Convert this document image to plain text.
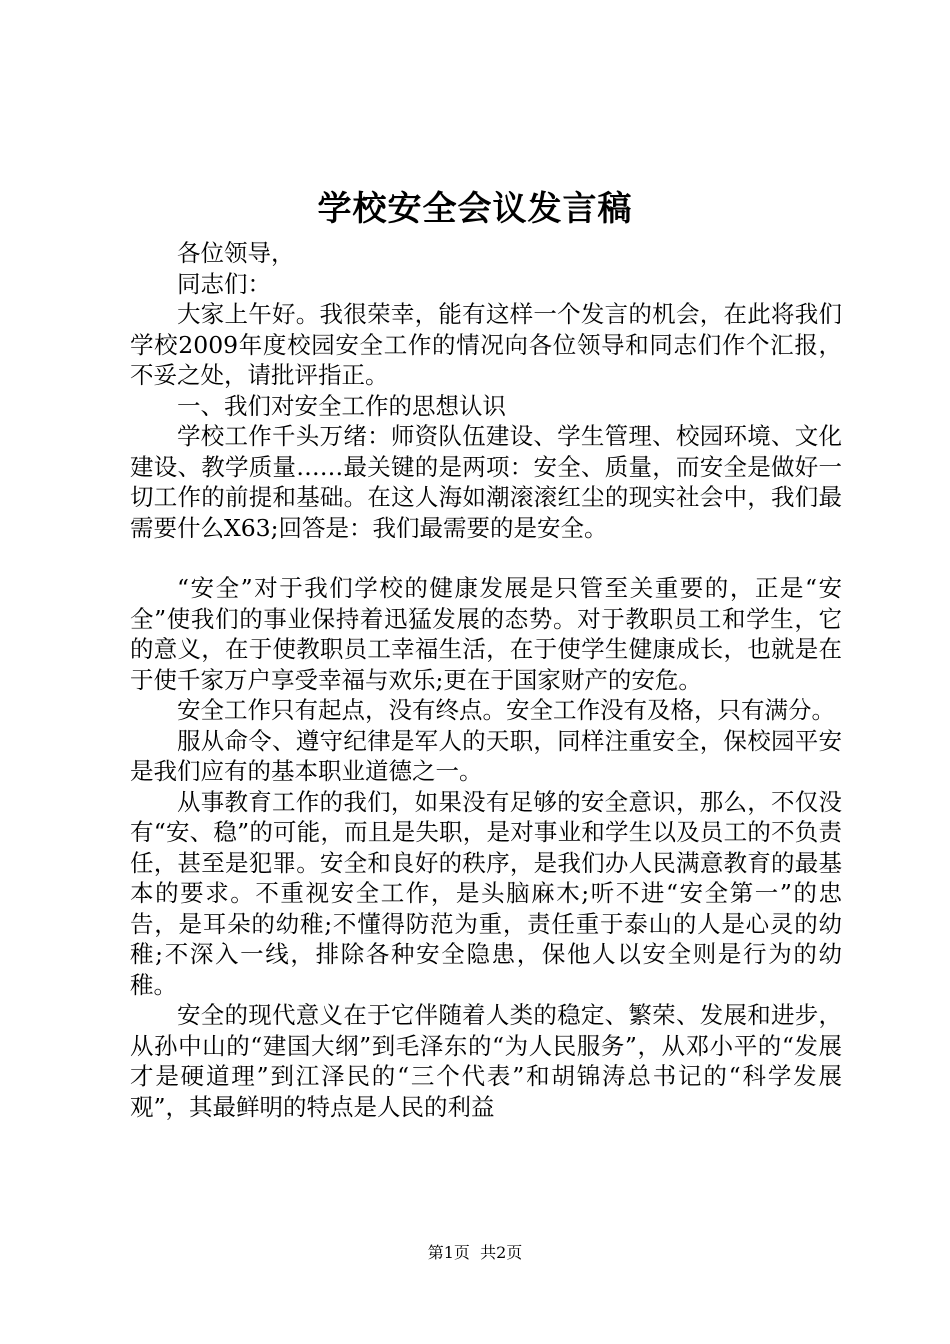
学校安全会议发言稿

各位领导，

同志们：

大家上午好。我很荣幸，能有这样一个发言的机会，在此将我们学校2009年度校园安全工作的情况向各位领导和同志们作个汇报，不妥之处，请批评指正。

一、我们对安全工作的思想认识

学校工作千头万绪：师资队伍建设、学生管理、校园环境、文化建设、教学质量……最关键的是两项：安全、质量，而安全是做好一切工作的前提和基础。在这人海如潮滚滚红尘的现实社会中，我们最需要什么X63;回答是：我们最需要的是安全。

“安全”对于我们学校的健康发展是只管至关重要的，正是“安全”使我们的事业保持着迅猛发展的态势。对于教职员工和学生，它的意义，在于使教职员工幸福生活，在于使学生健康成长，也就是在于使千家万户享受幸福与欢乐;更在于国家财产的安危。

安全工作只有起点，没有终点。安全工作没有及格，只有满分。

服从命令、遵守纪律是军人的天职，同样注重安全，保校园平安是我们应有的基本职业道德之一。

从事教育工作的我们，如果没有足够的安全意识，那么，不仅没有“安、稳”的可能，而且是失职，是对事业和学生以及员工的不负责任，甚至是犯罪。安全和良好的秩序，是我们办人民满意教育的最基本的要求。不重视安全工作，是头脑麻木;听不进“安全第一”的忠告，是耳朵的幼稚;不懂得防范为重，责任重于泰山的人是心灵的幼稚;不深入一线，排除各种安全隐患，保他人以安全则是行为的幼稚。

安全的现代意义在于它伴随着人类的稳定、繁荣、发展和进步，从孙中山的“建国大纲”到毛泽东的“为人民服务”，从邓小平的“发展才是硬道理”到江泽民的“三个代表”和胡锦涛总书记的“科学发展观”，其最鲜明的特点是人民的利益

第1页  共2页
